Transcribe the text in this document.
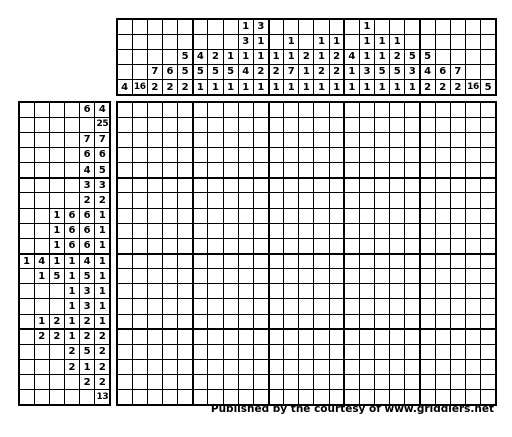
4 16
7
2
6
2
5
5
2
4
5
1
2
5
1
1
5
1
1
3
1
4
1
3
1
1
2
1
1
2
1
1
1
7
1
2
1
1
1
1
2
1
1
2
2
1
4
1
1
1
1
1
3
1
1
1
5
1
1
2
5
1
5
3
1
5
4
2
6
2
7
2 16 5
6 4
25
7 7
6 6
4 5
3 3
2 2
1 6 6 1
1 6 6 1
1 6 6 1
1 4 1 1 4 1
1 5 1 5 1
1 3 1
1 3 1
1 2 1 2 1
2 2 1 2 2
2 5 2
2 1 2
2 2
13
Published by the courtesy of www.griddlers.net
